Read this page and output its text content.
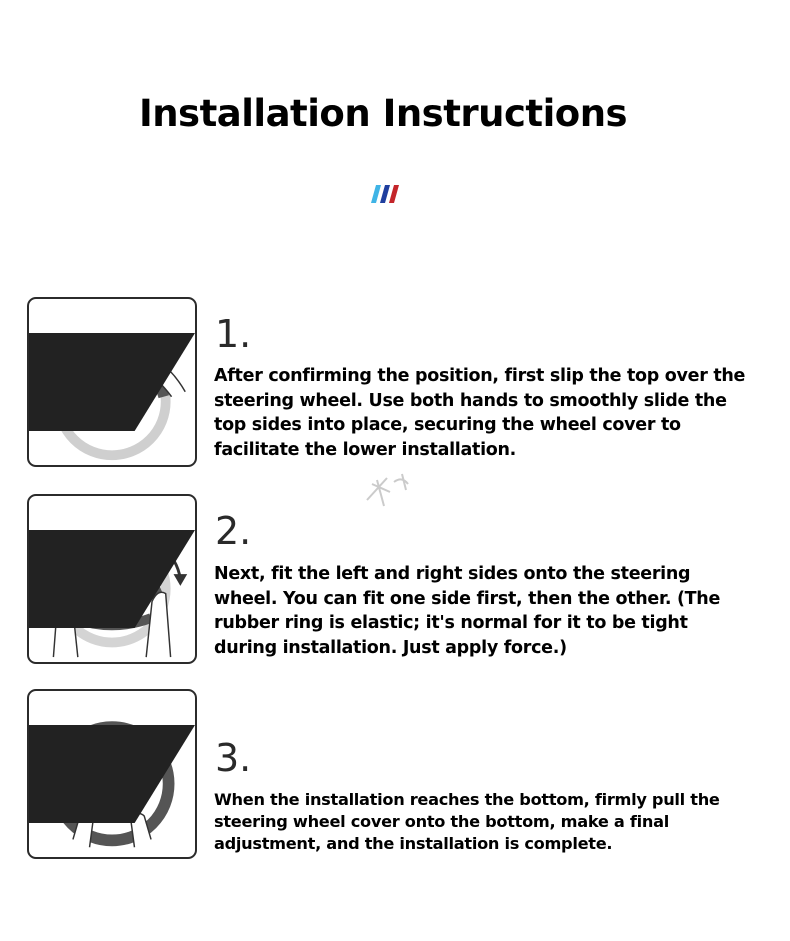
Installation Instructions
01
1.
After confirming the position, first slip the top over the steering wheel. Use both hands to smoothly slide the top sides into place, securing the wheel cover to facilitate the lower installation.
02
2.
Next, fit the left and right sides onto the steering wheel. You can fit one side first, then the other. (The rubber ring is elastic; it's normal for it to be tight during installation. Just apply force.)
03
3.
When the installation reaches the bottom, firmly pull the steering wheel cover onto the bottom, make a final adjustment, and the installation is complete.
